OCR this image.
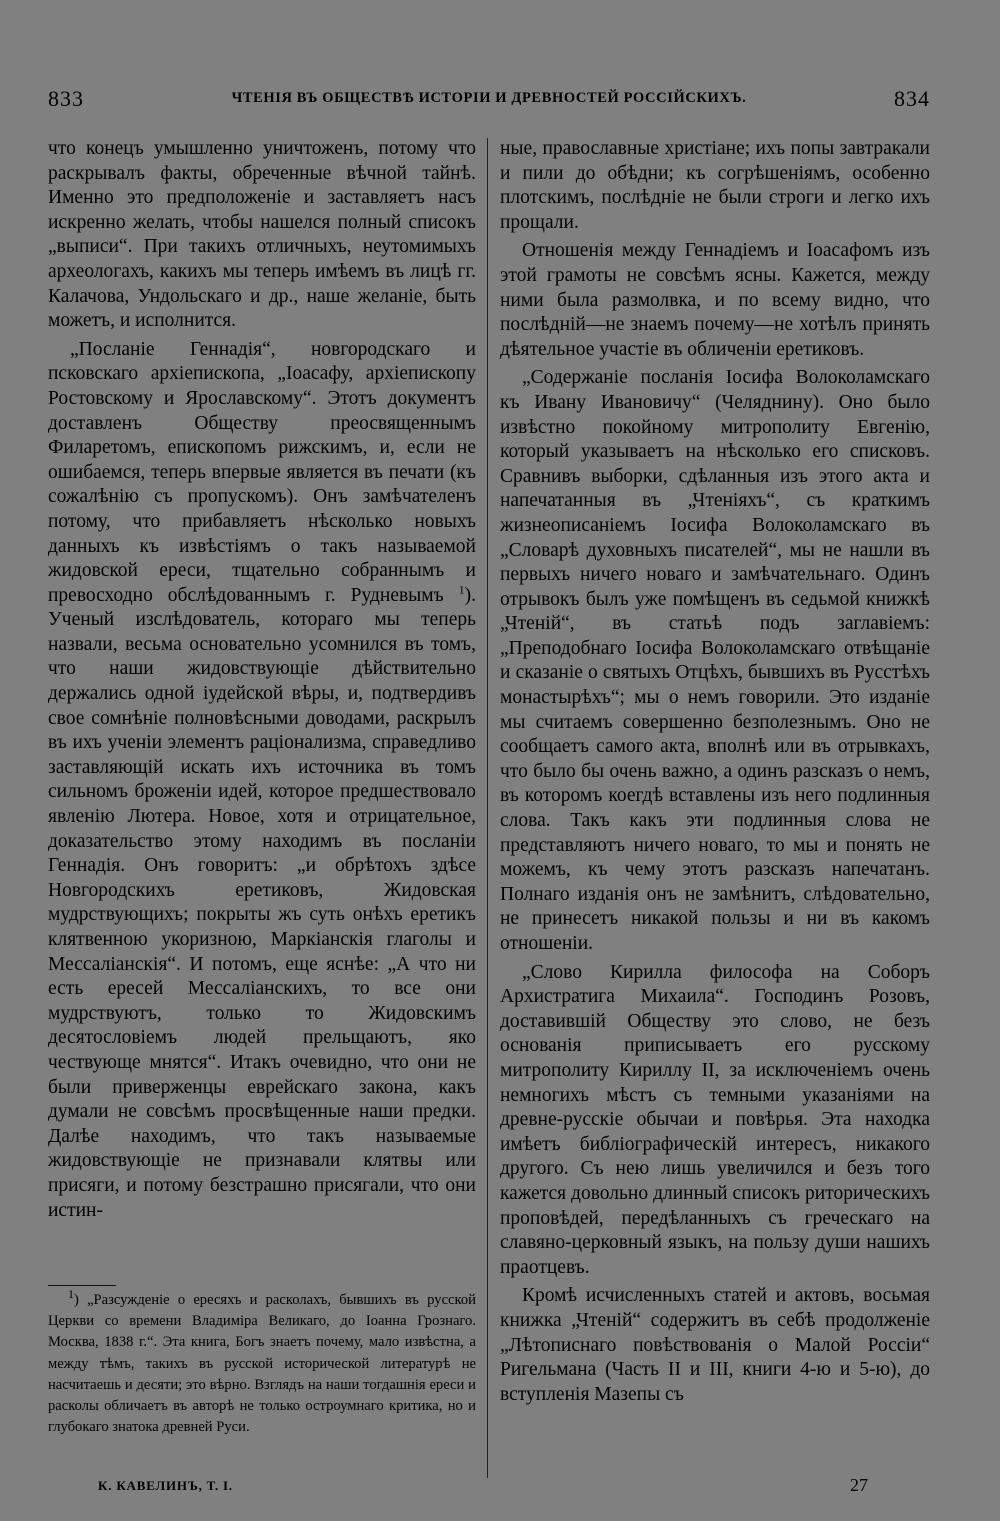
833	ЧТЕНІЯ ВЪ ОБЩЕСТВѢ ИСТОРІИ И ДРЕВНОСТЕЙ РОССІЙСКИХЪ.	834

что конецъ умышленно уничтоженъ, потому что раскрывалъ факты, обреченные вѣчной тайнѣ. Именно это предположеніе и заставляетъ насъ искренно желать, чтобы нашелся полный списокъ „выписи“. При такихъ отличныхъ, неутомимыхъ археологахъ, какихъ мы теперь имѣемъ въ лицѣ гг. Калачова, Ундольскаго и др., наше желаніе, быть можетъ, и исполнится.

„Посланіе Геннадія“, новгородскаго и псковскаго архіепископа, „Іоасафу, архіепископу Ростовскому и Ярославскому“. Этотъ документъ доставленъ Обществу преосвященнымъ Филаретомъ, епископомъ рижскимъ, и, если не ошибаемся, теперь впервые является въ печати (къ сожалѣнію съ пропускомъ). Онъ замѣчателенъ потому, что прибавляетъ нѣсколько новыхъ данныхъ къ извѣстіямъ о такъ называемой жидовской ереси, тщательно собраннымъ и превосходно обслѣдованнымъ г. Рудневымъ $^1$). Ученый изслѣдователь, котораго мы теперь назвали, весьма основательно усомнился въ томъ, что наши жидовствующіе дѣйствительно держались одной іудейской вѣры, и, подтвердивъ свое сомнѣніе полновѣсными доводами, раскрылъ въ ихъ ученіи элементъ раціонализма, справедливо заставляющій искать ихъ источника въ томъ сильномъ броженіи идей, которое предшествовало явленію Лютера. Новое, хотя и отрицательное, доказательство этому находимъ въ посланіи Геннадія. Онъ говоритъ: „и обрѣтохъ здѣсе Новгородскихъ еретиковъ, Жидовская мудрствующихъ; покрыты жъ суть онѣхъ еретикъ клятвенною укоризною, Маркіанскія глаголы и Мессаліанскія“. И потомъ, еще яснѣе: „А что ни есть ересей Мессаліанскихъ, то все они мудрствуютъ, только то Жидовскимъ десятословіемъ людей прельщаютъ, яко чествующе мнятся“. Итакъ очевидно, что они не были приверженцы еврейскаго закона, какъ думали не совсѣмъ просвѣщенные наши предки. Далѣе находимъ, что такъ называемые жидовствующіе не признавали клятвы или присяги, и потому безстрашно присягали, что они истин-

ные, православные христіане; ихъ попы завтракали и пили до обѣдни; къ согрѣшеніямъ, особенно плотскимъ, послѣдніе не были строги и легко ихъ прощали.

Отношенія между Геннадіемъ и Іоасафомъ изъ этой грамоты не совсѣмъ ясны. Кажется, между ними была размолвка, и по всему видно, что послѣдній—не знаемъ почему—не хотѣлъ принять дѣятельное участіе въ обличеніи еретиковъ.

„Содержаніе посланія Іосифа Волоколамскаго къ Ивану Ивановичу“ (Челяднину). Оно было извѣстно покойному митрополиту Евгенію, который указываетъ на нѣсколько его списковъ. Сравнивъ выборки, сдѣланныя изъ этого акта и напечатанныя въ „Чтеніяхъ“, съ краткимъ жизнеописаніемъ Іосифа Волоколамскаго въ „Словарѣ духовныхъ писателей“, мы не нашли въ первыхъ ничего новаго и замѣчательнаго. Одинъ отрывокъ былъ уже помѣщенъ въ седьмой книжкѣ „Чтеній“, въ статьѣ подъ заглавіемъ: „Преподобнаго Іосифа Волоколамскаго отвѣщаніе и сказаніе о святыхъ Отцѣхъ, бывшихъ въ Русстѣхъ монастырѣхъ“; мы о немъ говорили. Это изданіе мы считаемъ совершенно безполезнымъ. Оно не сообщаетъ самого акта, вполнѣ или въ отрывкахъ, что было бы очень важно, а одинъ разсказъ о немъ, въ которомъ коегдѣ вставлены изъ него подлинныя слова. Такъ какъ эти подлинныя слова не представляютъ ничего новаго, то мы и понять не можемъ, къ чему этотъ разсказъ напечатанъ. Полнаго изданія онъ не замѣнитъ, слѣдовательно, не принесетъ никакой пользы и ни въ какомъ отношеніи.

„Слово Кирилла философа на Соборъ Архистратига Михаила“. Господинъ Розовъ, доставившій Обществу это слово, не безъ основанія приписываетъ его русскому митрополиту Кириллу II, за исключеніемъ очень немногихъ мѣстъ съ темными указаніями на древне-русскіе обычаи и повѣрья. Эта находка имѣетъ библіографическій интересъ, никакого другого. Съ нею лишь увеличился и безъ того кажется довольно длинный списокъ риторическихъ проповѣдей, передѣланныхъ съ греческаго на славяно-церковный языкъ, на пользу души нашихъ праотцевъ.

Кромѣ исчисленныхъ статей и актовъ, восьмая книжка „Чтеній“ содержитъ въ себѣ продолженіе „Лѣтописнаго повѣствованія о Малой Россіи“ Ригельмана (Часть II и III, книги 4-ю и 5-ю), до вступленія Мазепы съ

$^1$) „Разсужденіе о ересяхъ и расколахъ, бывшихъ въ русской Церкви со времени Владиміра Великаго, до Іоанна Грознаго. Москва, 1838 г.“. Эта книга, Богъ знаетъ почему, мало извѣстна, а между тѣмъ, такихъ въ русской исторической литературѣ не насчитаешь и десяти; это вѣрно. Взглядъ на наши тогдашнія ереси и расколы обличаетъ въ авторѣ не только остроумнаго критика, но и глубокаго знатока древней Руси.

К. КАВЕЛИНЪ, Т. I.	27
